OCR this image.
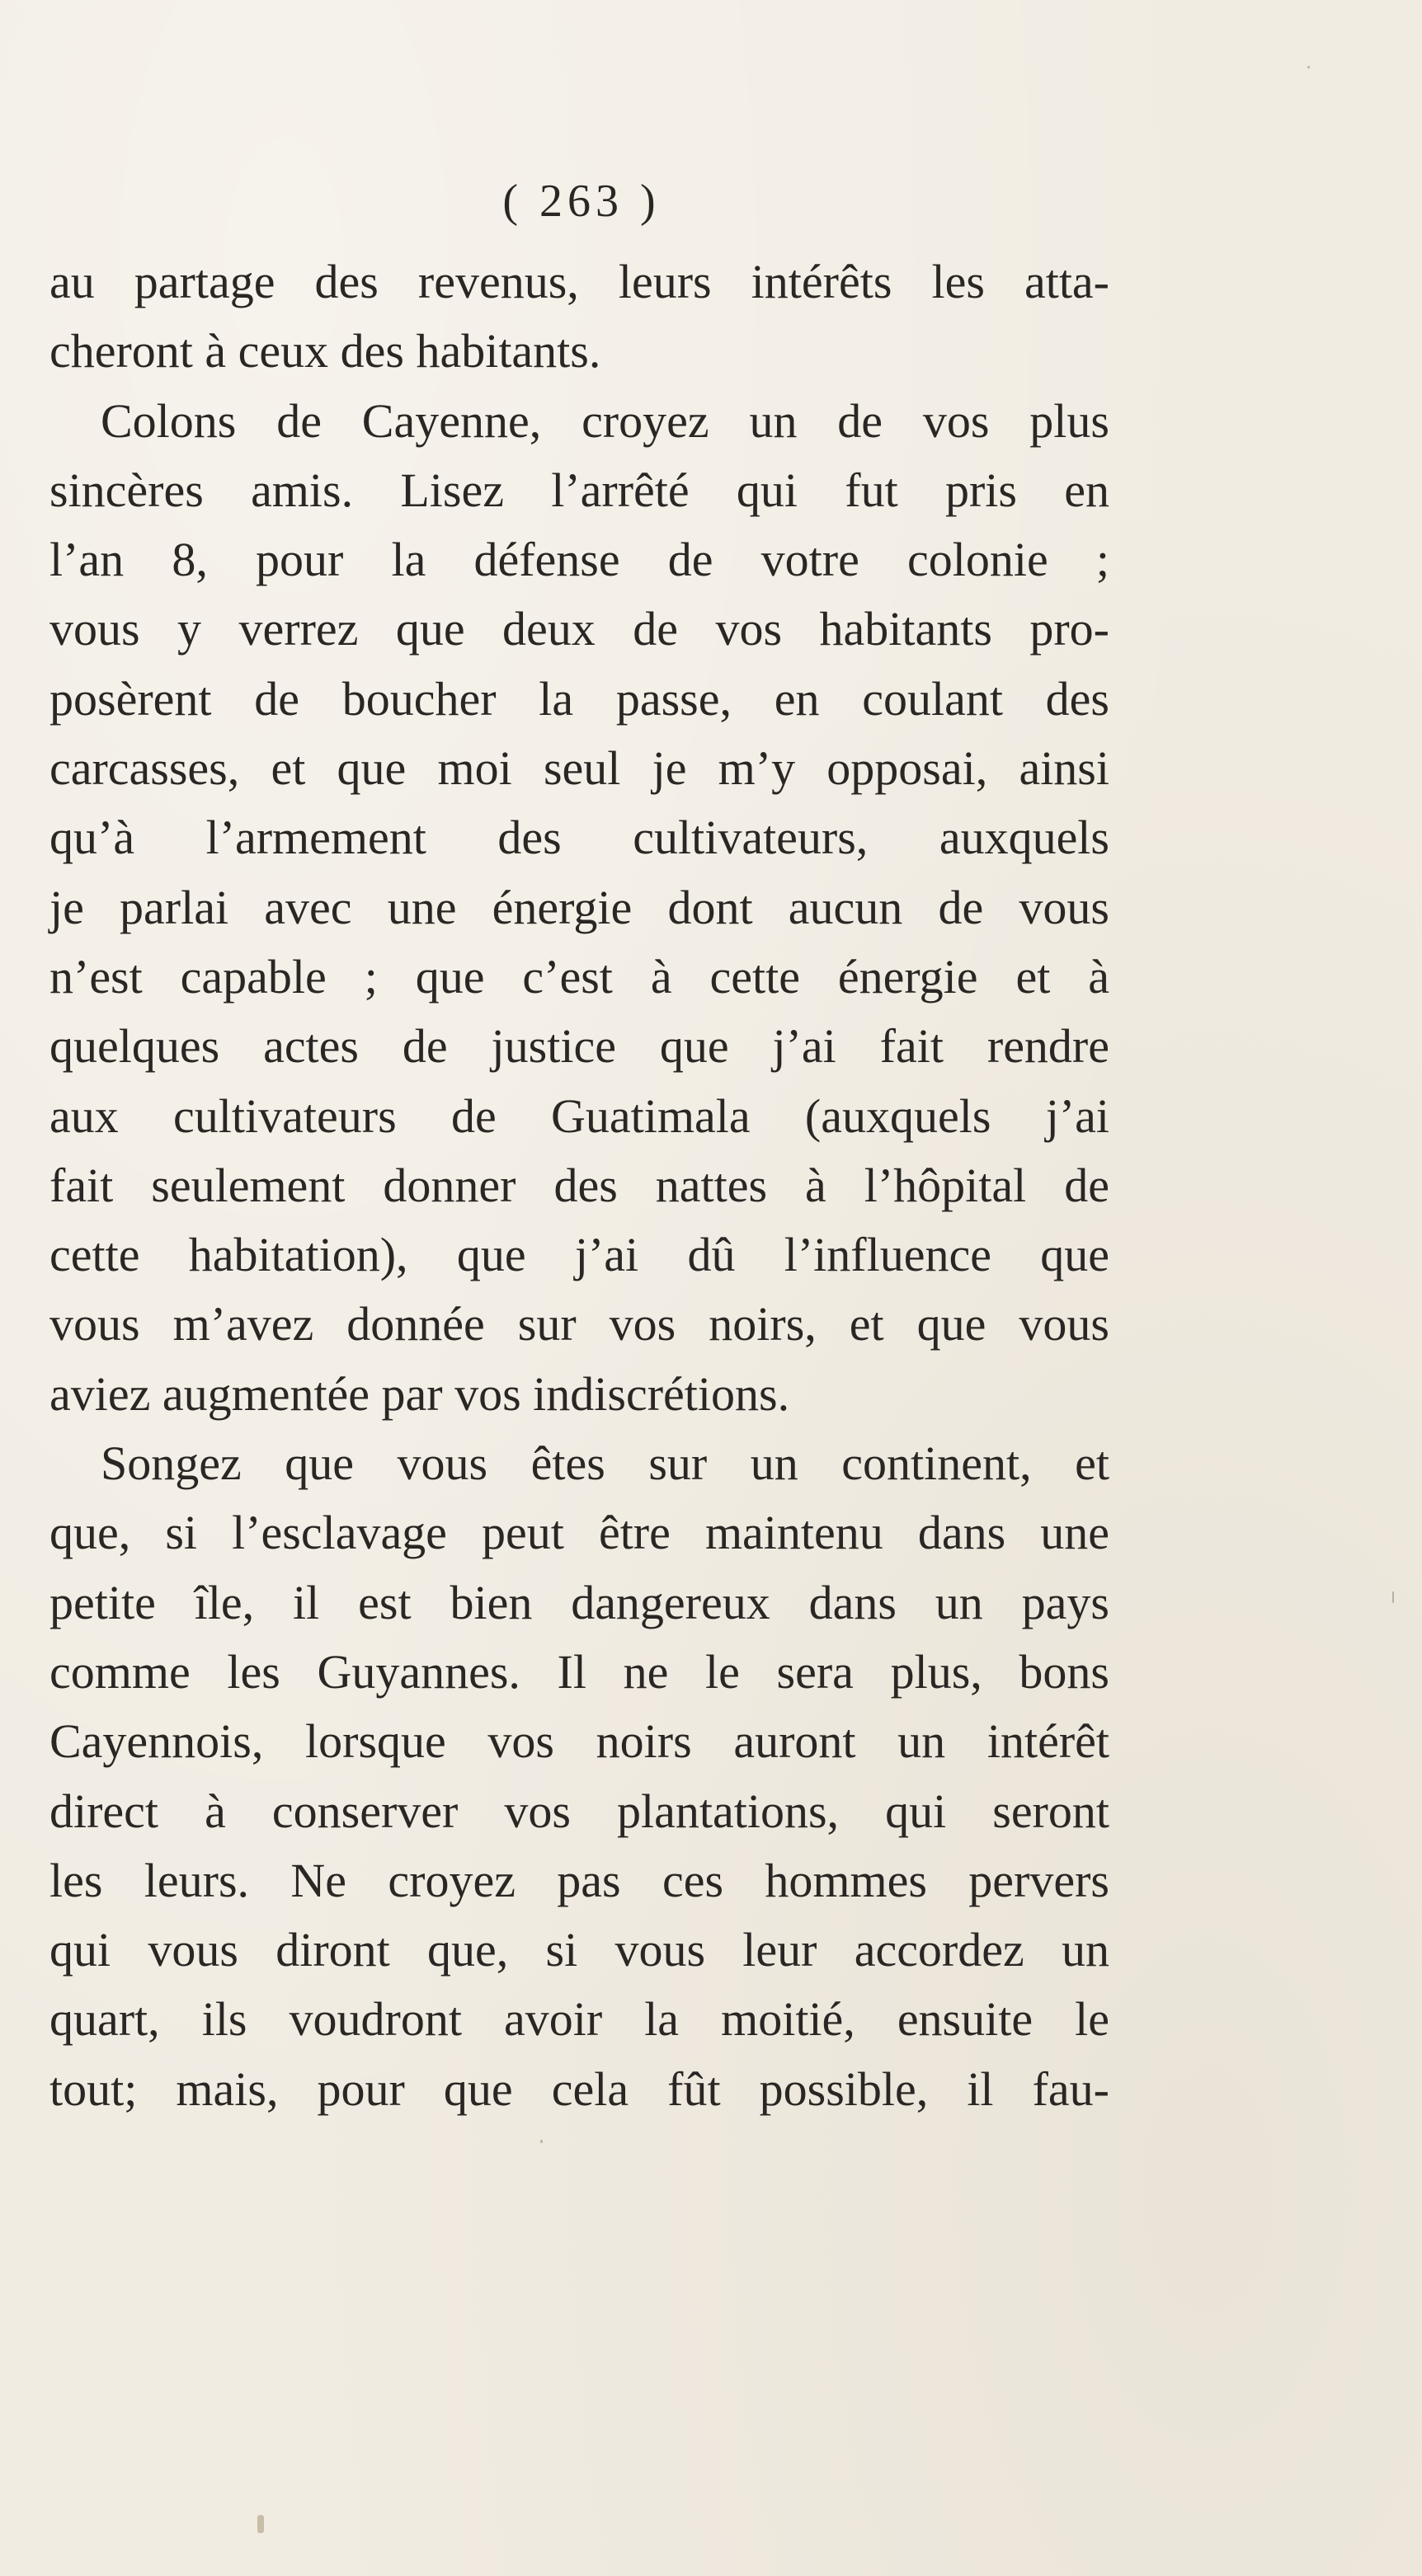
( 263 )
au partage des revenus, leurs intérêts les atta-
cheront à ceux des habitants.
Colons de Cayenne, croyez un de vos plus
sincères amis. Lisez l’arrêté qui fut pris en
l’an 8, pour la défense de votre colonie ;
vous y verrez que deux de vos habitants pro-
posèrent de boucher la passe, en coulant des
carcasses, et que moi seul je m’y opposai, ainsi
qu’à l’armement des cultivateurs, auxquels
je parlai avec une énergie dont aucun de vous
n’est capable ; que c’est à cette énergie et à
quelques actes de justice que j’ai fait rendre
aux cultivateurs de Guatimala (auxquels j’ai
fait seulement donner des nattes à l’hôpital de
cette habitation), que j’ai dû l’influence que
vous m’avez donnée sur vos noirs, et que vous
aviez augmentée par vos indiscrétions.
Songez que vous êtes sur un continent, et
que, si l’esclavage peut être maintenu dans une
petite île, il est bien dangereux dans un pays
comme les Guyannes. Il ne le sera plus, bons
Cayennois, lorsque vos noirs auront un intérêt
direct à conserver vos plantations, qui seront
les leurs. Ne croyez pas ces hommes pervers
qui vous diront que, si vous leur accordez un
quart, ils voudront avoir la moitié, ensuite le
tout; mais, pour que cela fût possible, il fau-
